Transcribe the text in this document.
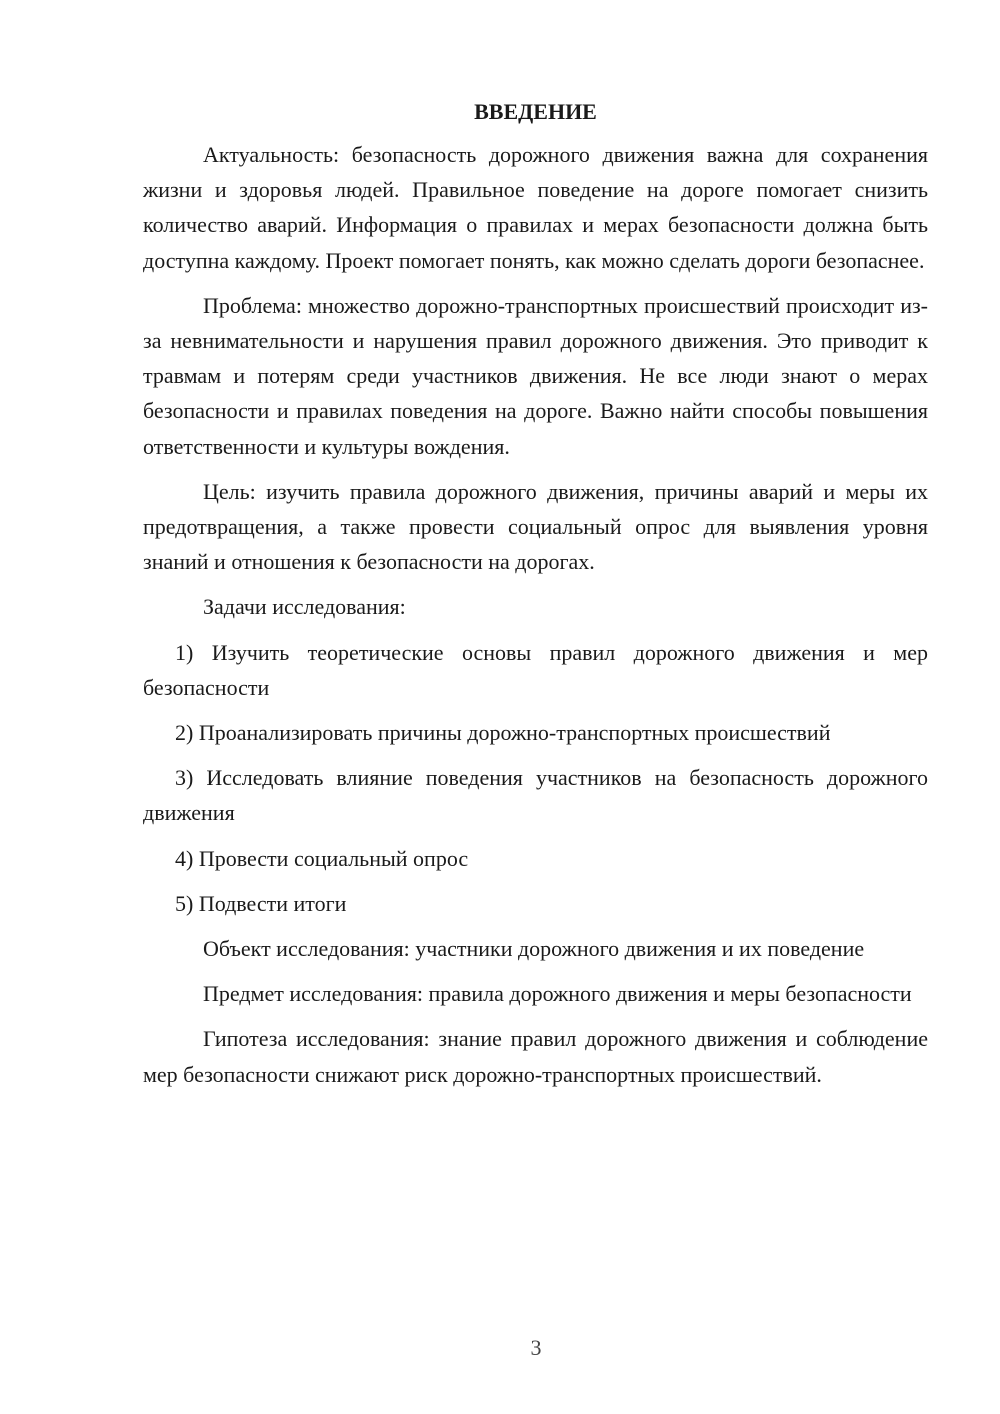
ВВЕДЕНИЕ

Актуальность: безопасность дорожного движения важна для сохранения жизни и здоровья людей. Правильное поведение на дороге помогает снизить количество аварий. Информация о правилах и мерах безопасности должна быть доступна каждому. Проект помогает понять, как можно сделать дороги безопаснее.

Проблема: множество дорожно-транспортных происшествий происходит из-за невнимательности и нарушения правил дорожного движения. Это приводит к травмам и потерям среди участников движения. Не все люди знают о мерах безопасности и правилах поведения на дороге. Важно найти способы повышения ответственности и культуры вождения.

Цель: изучить правила дорожного движения, причины аварий и меры их предотвращения, а также провести социальный опрос для выявления уровня знаний и отношения к безопасности на дорогах.

Задачи исследования:

1) Изучить теоретические основы правил дорожного движения и мер безопасности

2) Проанализировать причины дорожно-транспортных происшествий

3) Исследовать влияние поведения участников на безопасность дорожного движения

4) Провести социальный опрос

5) Подвести итоги

Объект исследования: участники дорожного движения и их поведение

Предмет исследования: правила дорожного движения и меры безопасности

Гипотеза исследования: знание правил дорожного движения и соблюдение мер безопасности снижают риск дорожно-транспортных происшествий.

3
